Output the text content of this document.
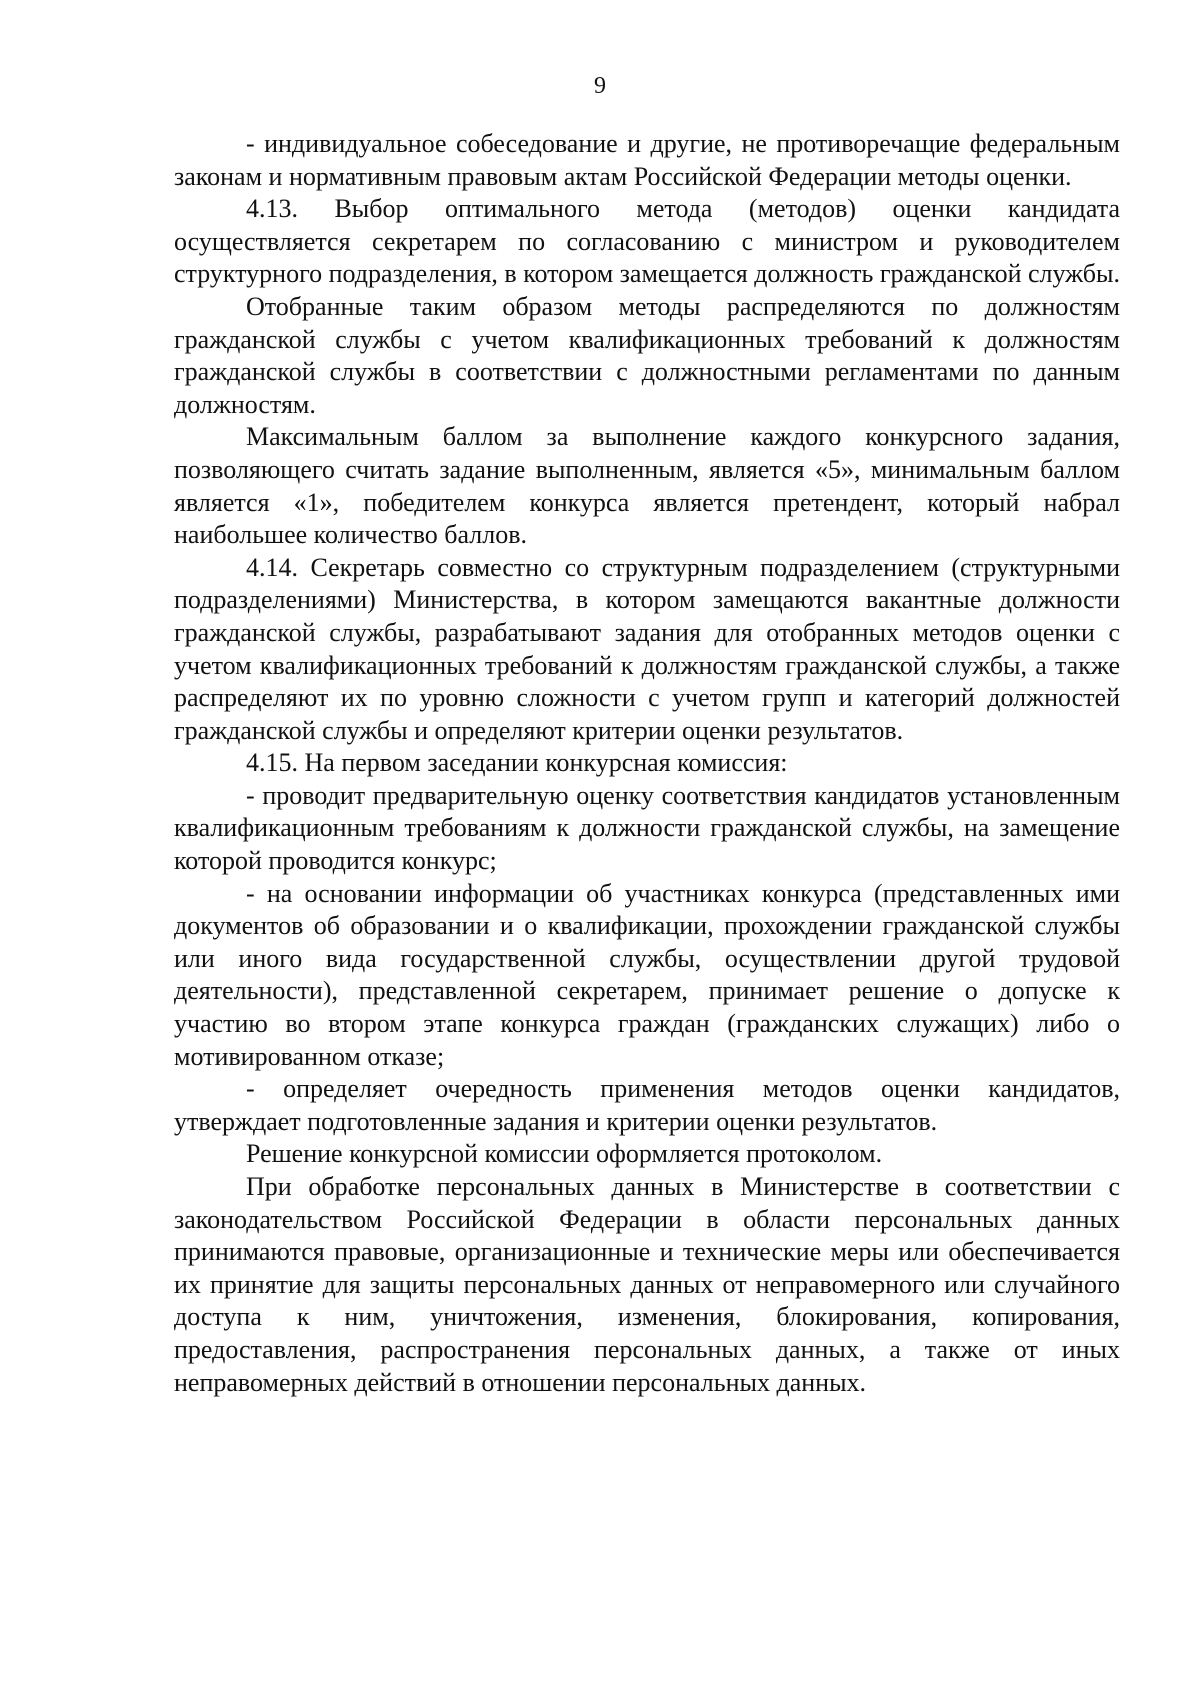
9

- индивидуальное собеседование и другие, не противоречащие федеральным законам и нормативным правовым актам Российской Федерации методы оценки.

4.13. Выбор оптимального метода (методов) оценки кандидата осуществляется секретарем по согласованию с министром и руководителем структурного подразделения, в котором замещается должность гражданской службы.

Отобранные таким образом методы распределяются по должностям гражданской службы с учетом квалификационных требований к должностям гражданской службы в соответствии с должностными регламентами по данным должностям.

Максимальным баллом за выполнение каждого конкурсного задания, позволяющего считать задание выполненным, является «5», минимальным баллом является «1», победителем конкурса является претендент, который набрал наибольшее количество баллов.

4.14. Секретарь совместно со структурным подразделением (структурными подразделениями) Министерства, в котором замещаются вакантные должности гражданской службы, разрабатывают задания для отобранных методов оценки с учетом квалификационных требований к должностям гражданской службы, а также распределяют их по уровню сложности с учетом групп и категорий должностей гражданской службы и определяют критерии оценки результатов.

4.15. На первом заседании конкурсная комиссия:

- проводит предварительную оценку соответствия кандидатов установленным квалификационным требованиям к должности гражданской службы, на замещение которой проводится конкурс;

- на основании информации об участниках конкурса (представленных ими документов об образовании и о квалификации, прохождении гражданской службы или иного вида государственной службы, осуществлении другой трудовой деятельности), представленной секретарем, принимает решение о допуске к участию во втором этапе конкурса граждан (гражданских служащих) либо о мотивированном отказе;

- определяет очередность применения методов оценки кандидатов, утверждает подготовленные задания и критерии оценки результатов.

Решение конкурсной комиссии оформляется протоколом.

При обработке персональных данных в Министерстве в соответствии с законодательством Российской Федерации в области персональных данных принимаются правовые, организационные и технические меры или обеспечивается их принятие для защиты персональных данных от неправомерного или случайного доступа к ним, уничтожения, изменения, блокирования, копирования, предоставления, распространения персональных данных, а также от иных неправомерных действий в отношении персональных данных.
